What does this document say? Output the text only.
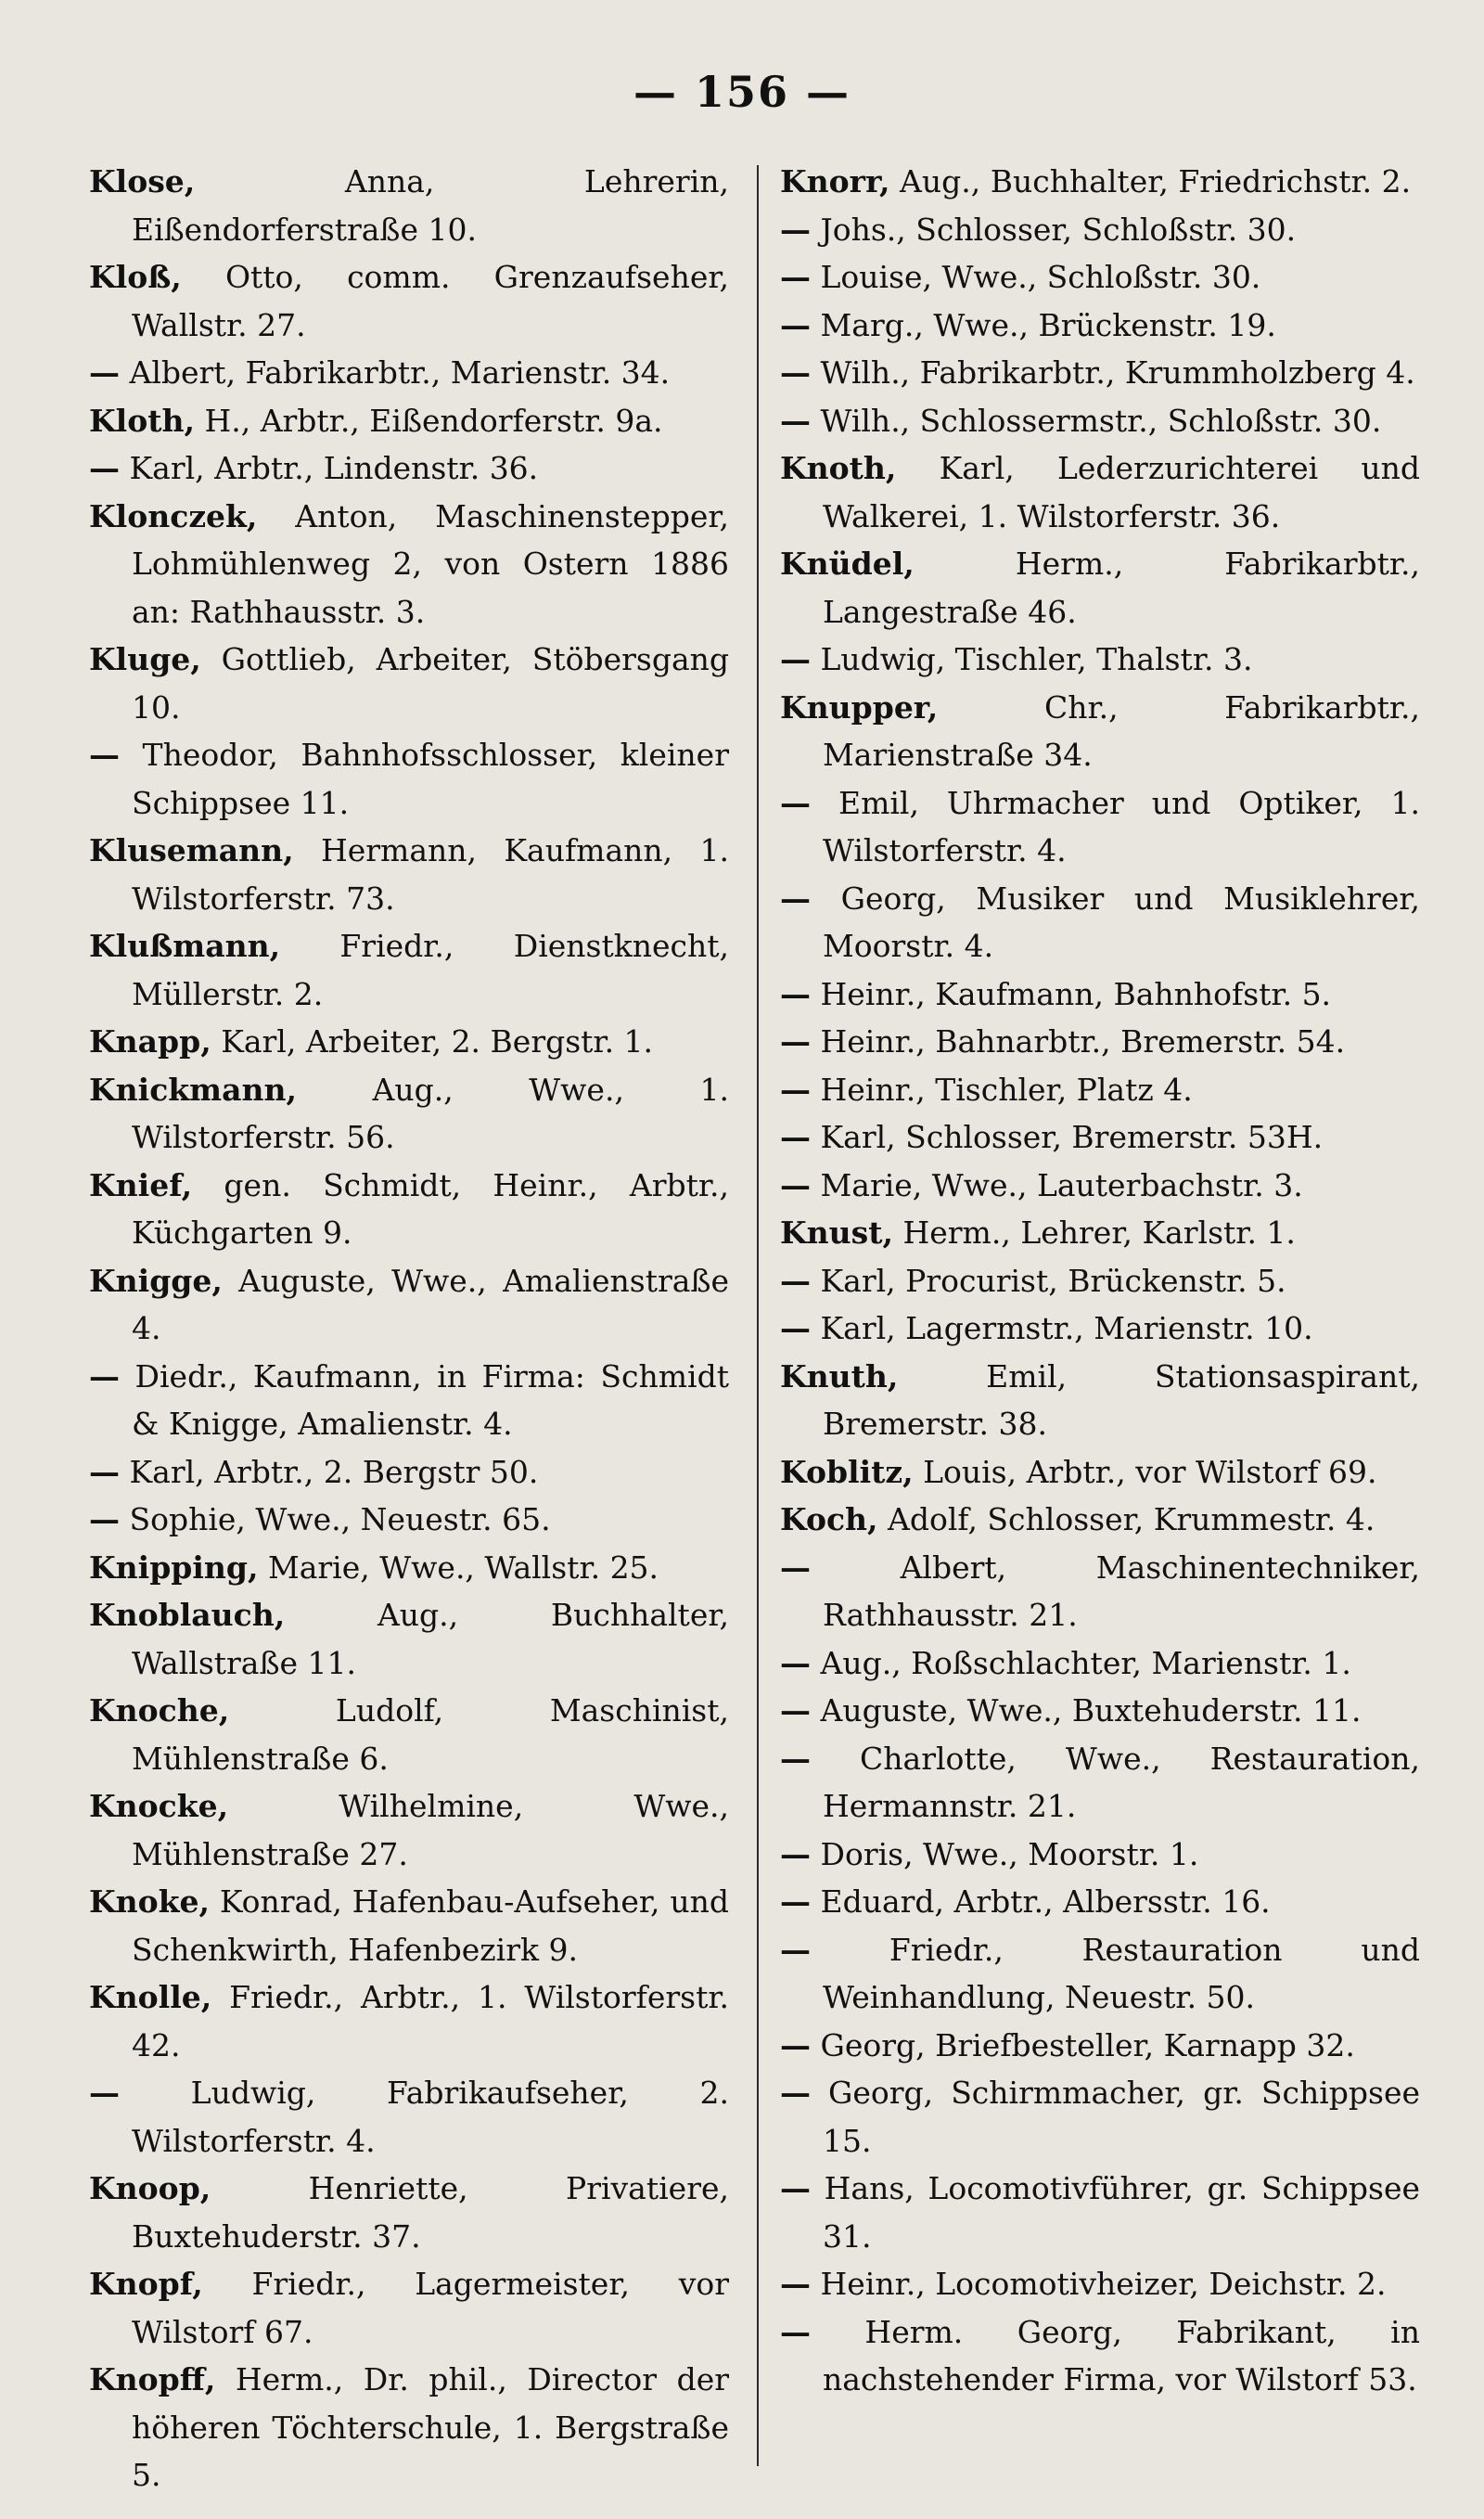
— 156 —

Klose, Anna, Lehrerin, Eißendorferstraße 10.

Kloß, Otto, comm. Grenzaufseher, Wallstr. 27.

— Albert, Fabrikarbtr., Marienstr. 34.

Kloth, H., Arbtr., Eißendorferstr. 9a.

— Karl, Arbtr., Lindenstr. 36.

Klonczek, Anton, Maschinenstepper, Lohmühlenweg 2, von Ostern 1886 an: Rathhausstr. 3.

Kluge, Gottlieb, Arbeiter, Stöbersgang 10.

— Theodor, Bahnhofsschlosser, kleiner Schippsee 11.

Klusemann, Hermann, Kaufmann, 1. Wilstorferstr. 73.

Klußmann, Friedr., Dienstknecht, Müllerstr. 2.

Knapp, Karl, Arbeiter, 2. Bergstr. 1.

Knickmann, Aug., Wwe., 1. Wilstorferstr. 56.

Knief, gen. Schmidt, Heinr., Arbtr., Küchgarten 9.

Knigge, Auguste, Wwe., Amalienstraße 4.

— Diedr., Kaufmann, in Firma: Schmidt & Knigge, Amalienstr. 4.

— Karl, Arbtr., 2. Bergstr 50.

— Sophie, Wwe., Neuestr. 65.

Knipping, Marie, Wwe., Wallstr. 25.

Knoblauch, Aug., Buchhalter, Wallstraße 11.

Knoche, Ludolf, Maschinist, Mühlenstraße 6.

Knocke, Wilhelmine, Wwe., Mühlenstraße 27.

Knoke, Konrad, Hafenbau-Aufseher, und Schenkwirth, Hafenbezirk 9.

Knolle, Friedr., Arbtr., 1. Wilstorferstr. 42.

— Ludwig, Fabrikaufseher, 2. Wilstorferstr. 4.

Knoop, Henriette, Privatiere, Buxtehuderstr. 37.

Knopf, Friedr., Lagermeister, vor Wilstorf 67.

Knopff, Herm., Dr. phil., Director der höheren Töchterschule, 1. Bergstraße 5.

Knorr, Aug., Buchhalter, Friedrichstr. 2.

— Johs., Schlosser, Schloßstr. 30.

— Louise, Wwe., Schloßstr. 30.

— Marg., Wwe., Brückenstr. 19.

— Wilh., Fabrikarbtr., Krummholzberg 4.

— Wilh., Schlossermstr., Schloßstr. 30.

Knoth, Karl, Lederzurichterei und Walkerei, 1. Wilstorferstr. 36.

Knüdel, Herm., Fabrikarbtr., Langestraße 46.

— Ludwig, Tischler, Thalstr. 3.

Knupper, Chr., Fabrikarbtr., Marienstraße 34.

— Emil, Uhrmacher und Optiker, 1. Wilstorferstr. 4.

— Georg, Musiker und Musiklehrer, Moorstr. 4.

— Heinr., Kaufmann, Bahnhofstr. 5.

— Heinr., Bahnarbtr., Bremerstr. 54.

— Heinr., Tischler, Platz 4.

— Karl, Schlosser, Bremerstr. 53H.

— Marie, Wwe., Lauterbachstr. 3.

Knust, Herm., Lehrer, Karlstr. 1.

— Karl, Procurist, Brückenstr. 5.

— Karl, Lagermstr., Marienstr. 10.

Knuth, Emil, Stationsaspirant, Bremerstr. 38.

Koblitz, Louis, Arbtr., vor Wilstorf 69.

Koch, Adolf, Schlosser, Krummestr. 4.

— Albert, Maschinentechniker, Rathhausstr. 21.

— Aug., Roßschlachter, Marienstr. 1.

— Auguste, Wwe., Buxtehuderstr. 11.

— Charlotte, Wwe., Restauration, Hermannstr. 21.

— Doris, Wwe., Moorstr. 1.

— Eduard, Arbtr., Albersstr. 16.

— Friedr., Restauration und Weinhandlung, Neuestr. 50.

— Georg, Briefbesteller, Karnapp 32.

— Georg, Schirmmacher, gr. Schippsee 15.

— Hans, Locomotivführer, gr. Schippsee 31.

— Heinr., Locomotivheizer, Deichstr. 2.

— Herm. Georg, Fabrikant, in nachstehender Firma, vor Wilstorf 53.
